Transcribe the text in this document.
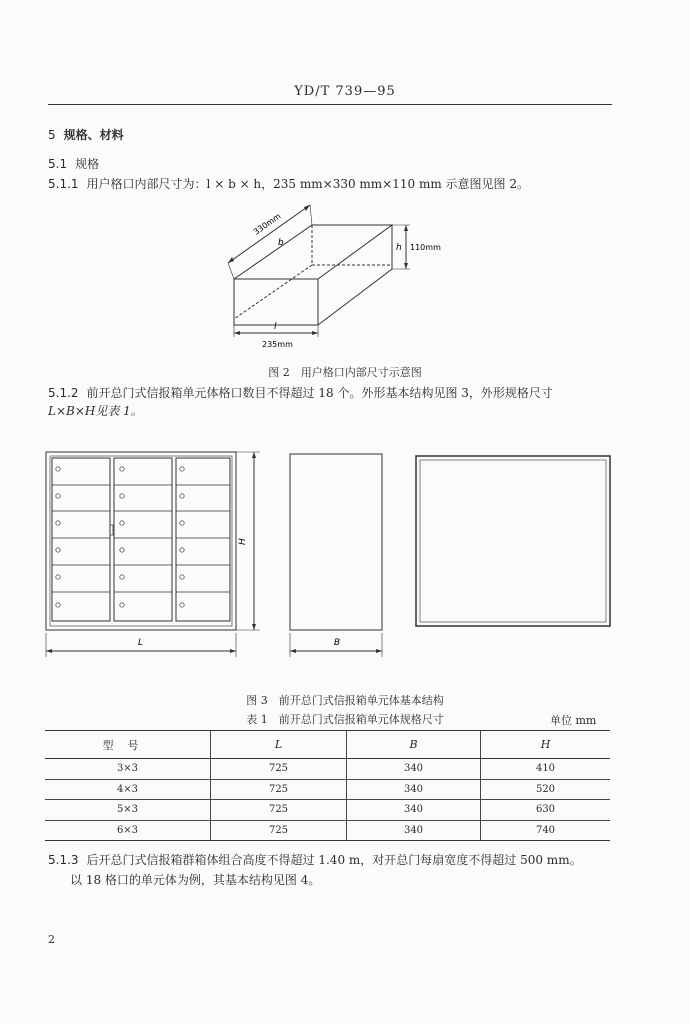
YD/T 739—95
5 规格、材料
5.1 规格
5.1.1 用户格口内部尺寸为：l × b × h，235 mm×330 mm×110 mm 示意图见图 2。
330mm
b	h 110mm
l
235mm
图 2　用户格口内部尺寸示意图
5.1.2 前开总门式信报箱单元体格口数目不得超过 18 个。外形基本结构见图 3，外形规格尺寸
L×B×H见表 1。
L
H
B
图 3　前开总门式信报箱单元体基本结构
表 1　前开总门式信报箱单元体规格尺寸	单位 mm
型号	L	B	H
3×3	725	340	410
4×3	725	340	520
5×3	725	340	630
6×3	725	340	740
5.1.3 后开总门式信报箱群箱体组合高度不得超过 1.40 m，对开总门每扇宽度不得超过 500 mm。
以 18 格口的单元体为例，其基本结构见图 4。
2
